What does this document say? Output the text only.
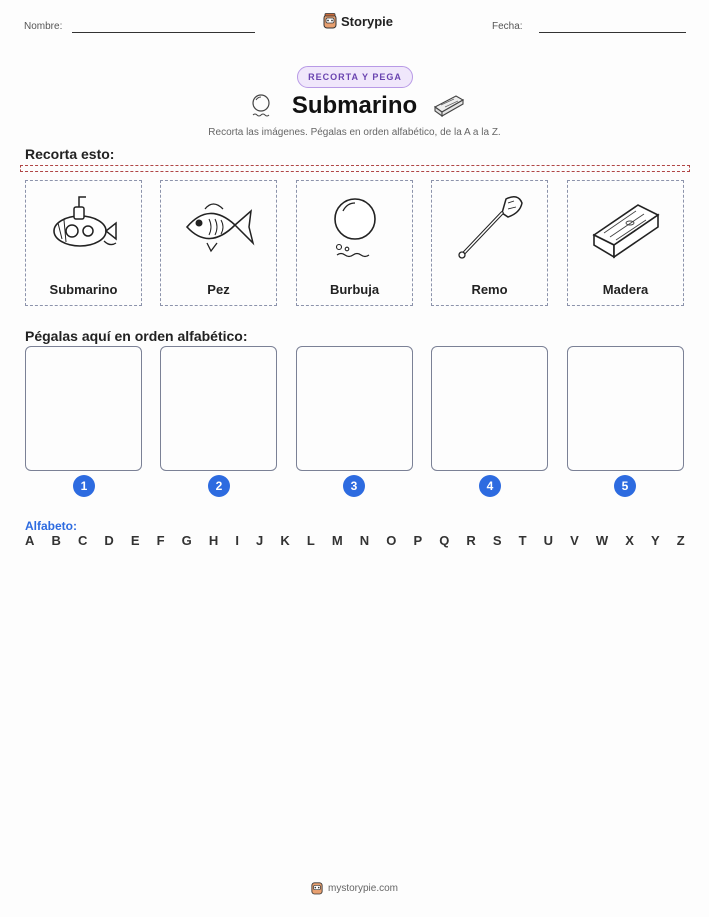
Nombre:	Storypie	Fecha:
RECORTA Y PEGA
Submarino
Recorta las imágenes. Pégalas en orden alfabético, de la A a la Z.
Recorta esto:
Submarino	Pez	Burbuja	Remo	Madera
Pégalas aquí en orden alfabético:
1	2	3	4	5
Alfabeto:
A B C D E F G H I J K L M N O P Q R S T U V W X Y Z
mystorypie.com
